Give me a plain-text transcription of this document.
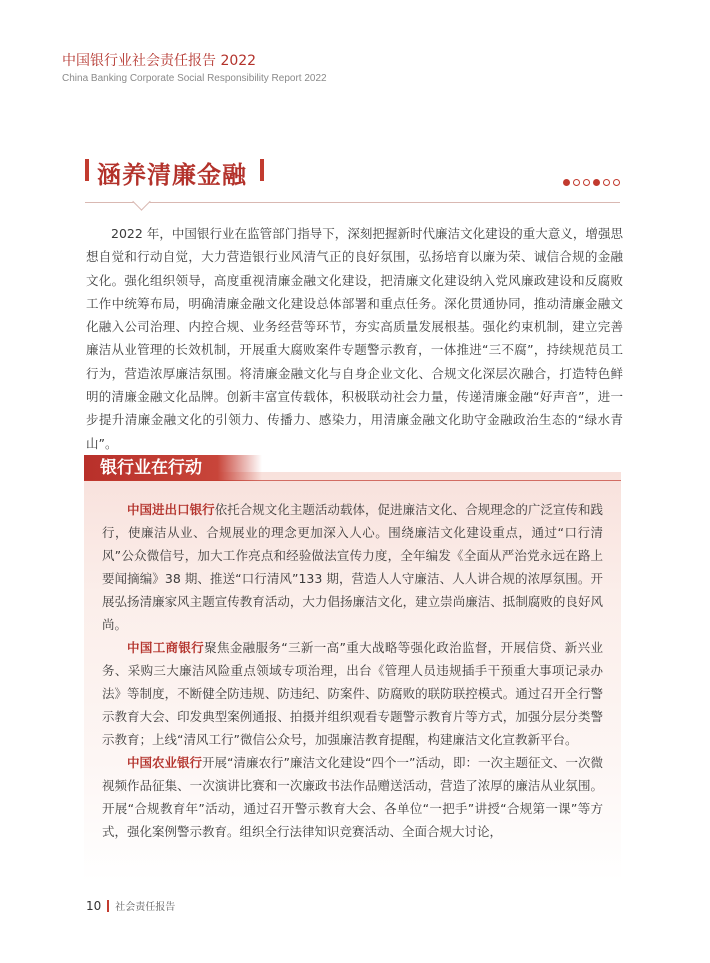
中国银行业社会责任报告 2022
China Banking Corporate Social Responsibility Report 2022
涵养清廉金融

2022 年，中国银行业在监管部门指导下，深刻把握新时代廉洁文化建设的重大意义，增强思想自觉和行动自觉，大力营造银行业风清气正的良好氛围，弘扬培育以廉为荣、诚信合规的金融文化。强化组织领导，高度重视清廉金融文化建设，把清廉文化建设纳入党风廉政建设和反腐败工作中统筹布局，明确清廉金融文化建设总体部署和重点任务。深化贯通协同，推动清廉金融文化融入公司治理、内控合规、业务经营等环节，夯实高质量发展根基。强化约束机制，建立完善廉洁从业管理的长效机制，开展重大腐败案件专题警示教育，一体推进“三不腐”，持续规范员工行为，营造浓厚廉洁氛围。将清廉金融文化与自身企业文化、合规文化深层次融合，打造特色鲜明的清廉金融文化品牌。创新丰富宣传载体，积极联动社会力量，传递清廉金融“好声音”，进一步提升清廉金融文化的引领力、传播力、感染力，用清廉金融文化助守金融政治生态的“绿水青山”。

银行业在行动

中国进出口银行依托合规文化主题活动载体，促进廉洁文化、合规理念的广泛宣传和践行，使廉洁从业、合规展业的理念更加深入人心。围绕廉洁文化建设重点，通过“口行清风”公众微信号，加大工作亮点和经验做法宣传力度，全年编发《全面从严治党永远在路上要闻摘编》38 期、推送“口行清风”133 期，营造人人守廉洁、人人讲合规的浓厚氛围。开展弘扬清廉家风主题宣传教育活动，大力倡扬廉洁文化，建立崇尚廉洁、抵制腐败的良好风尚。

中国工商银行聚焦金融服务“三新一高”重大战略等强化政治监督，开展信贷、新兴业务、采购三大廉洁风险重点领域专项治理，出台《管理人员违规插手干预重大事项记录办法》等制度，不断健全防违规、防违纪、防案件、防腐败的联防联控模式。通过召开全行警示教育大会、印发典型案例通报、拍摄并组织观看专题警示教育片等方式，加强分层分类警示教育；上线“清风工行”微信公众号，加强廉洁教育提醒，构建廉洁文化宣教新平台。

中国农业银行开展“清廉农行”廉洁文化建设“四个一”活动，即：一次主题征文、一次微视频作品征集、一次演讲比赛和一次廉政书法作品赠送活动，营造了浓厚的廉洁从业氛围。开展“合规教育年”活动，通过召开警示教育大会、各单位“一把手”讲授“合规第一课”等方式，强化案例警示教育。组织全行法律知识竞赛活动、全面合规大讨论，

10 社会责任报告
